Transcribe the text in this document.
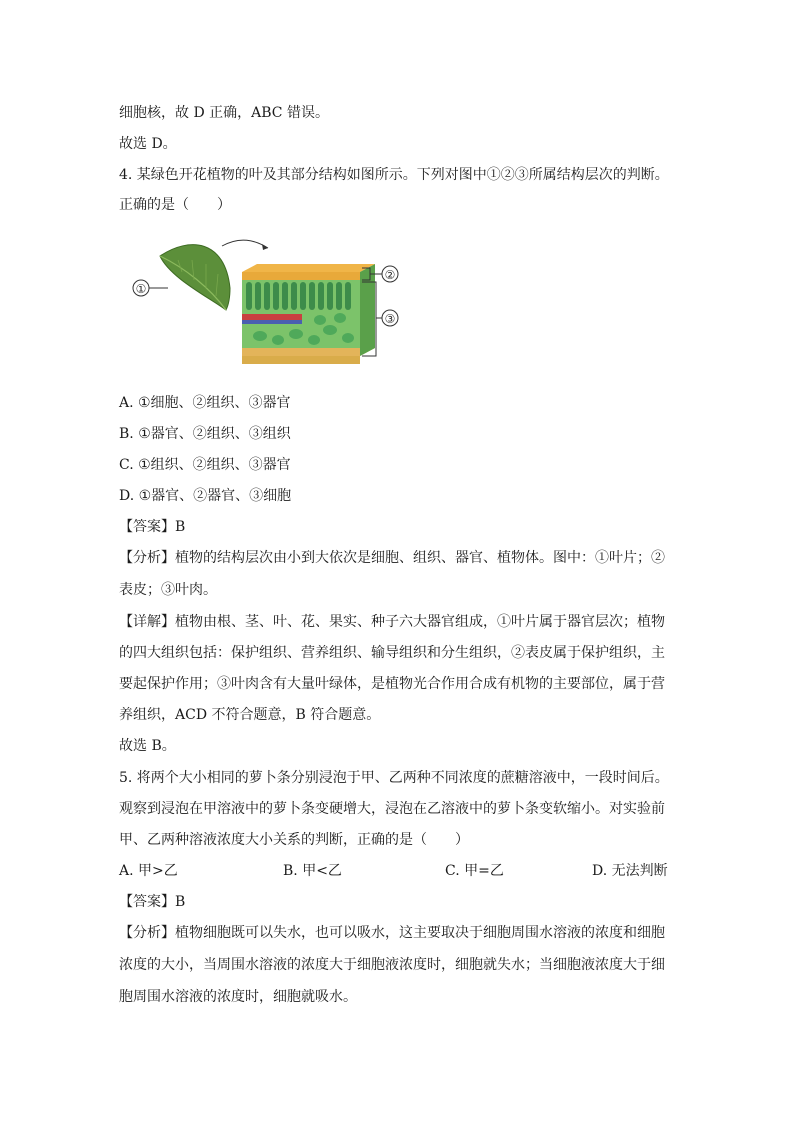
细胞核，故 D 正确，ABC 错误。
故选 D。
4. 某绿色开花植物的叶及其部分结构如图所示。下列对图中①②③所属结构层次的判断。
正确的是（　　）
①
②
③
A. ①细胞、②组织、③器官
B. ①器官、②组织、③组织
C. ①组织、②组织、③器官
D. ①器官、②器官、③细胞
【答案】B
【分析】植物的结构层次由小到大依次是细胞、组织、器官、植物体。图中：①叶片；②
表皮；③叶肉。
【详解】植物由根、茎、叶、花、果实、种子六大器官组成，①叶片属于器官层次；植物
的四大组织包括：保护组织、营养组织、输导组织和分生组织，②表皮属于保护组织，主
要起保护作用；③叶肉含有大量叶绿体，是植物光合作用合成有机物的主要部位，属于营
养组织，ACD 不符合题意，B 符合题意。
故选 B。
5. 将两个大小相同的萝卜条分别浸泡于甲、乙两种不同浓度的蔗糖溶液中，一段时间后。
观察到浸泡在甲溶液中的萝卜条变硬增大，浸泡在乙溶液中的萝卜条变软缩小。对实验前
甲、乙两种溶液浓度大小关系的判断，正确的是（　　）
A. 甲>乙	B. 甲<乙	C. 甲=乙	D. 无法判断
【答案】B
【分析】植物细胞既可以失水，也可以吸水，这主要取决于细胞周围水溶液的浓度和细胞
浓度的大小，当周围水溶液的浓度大于细胞液浓度时，细胞就失水；当细胞液浓度大于细
胞周围水溶液的浓度时，细胞就吸水。
